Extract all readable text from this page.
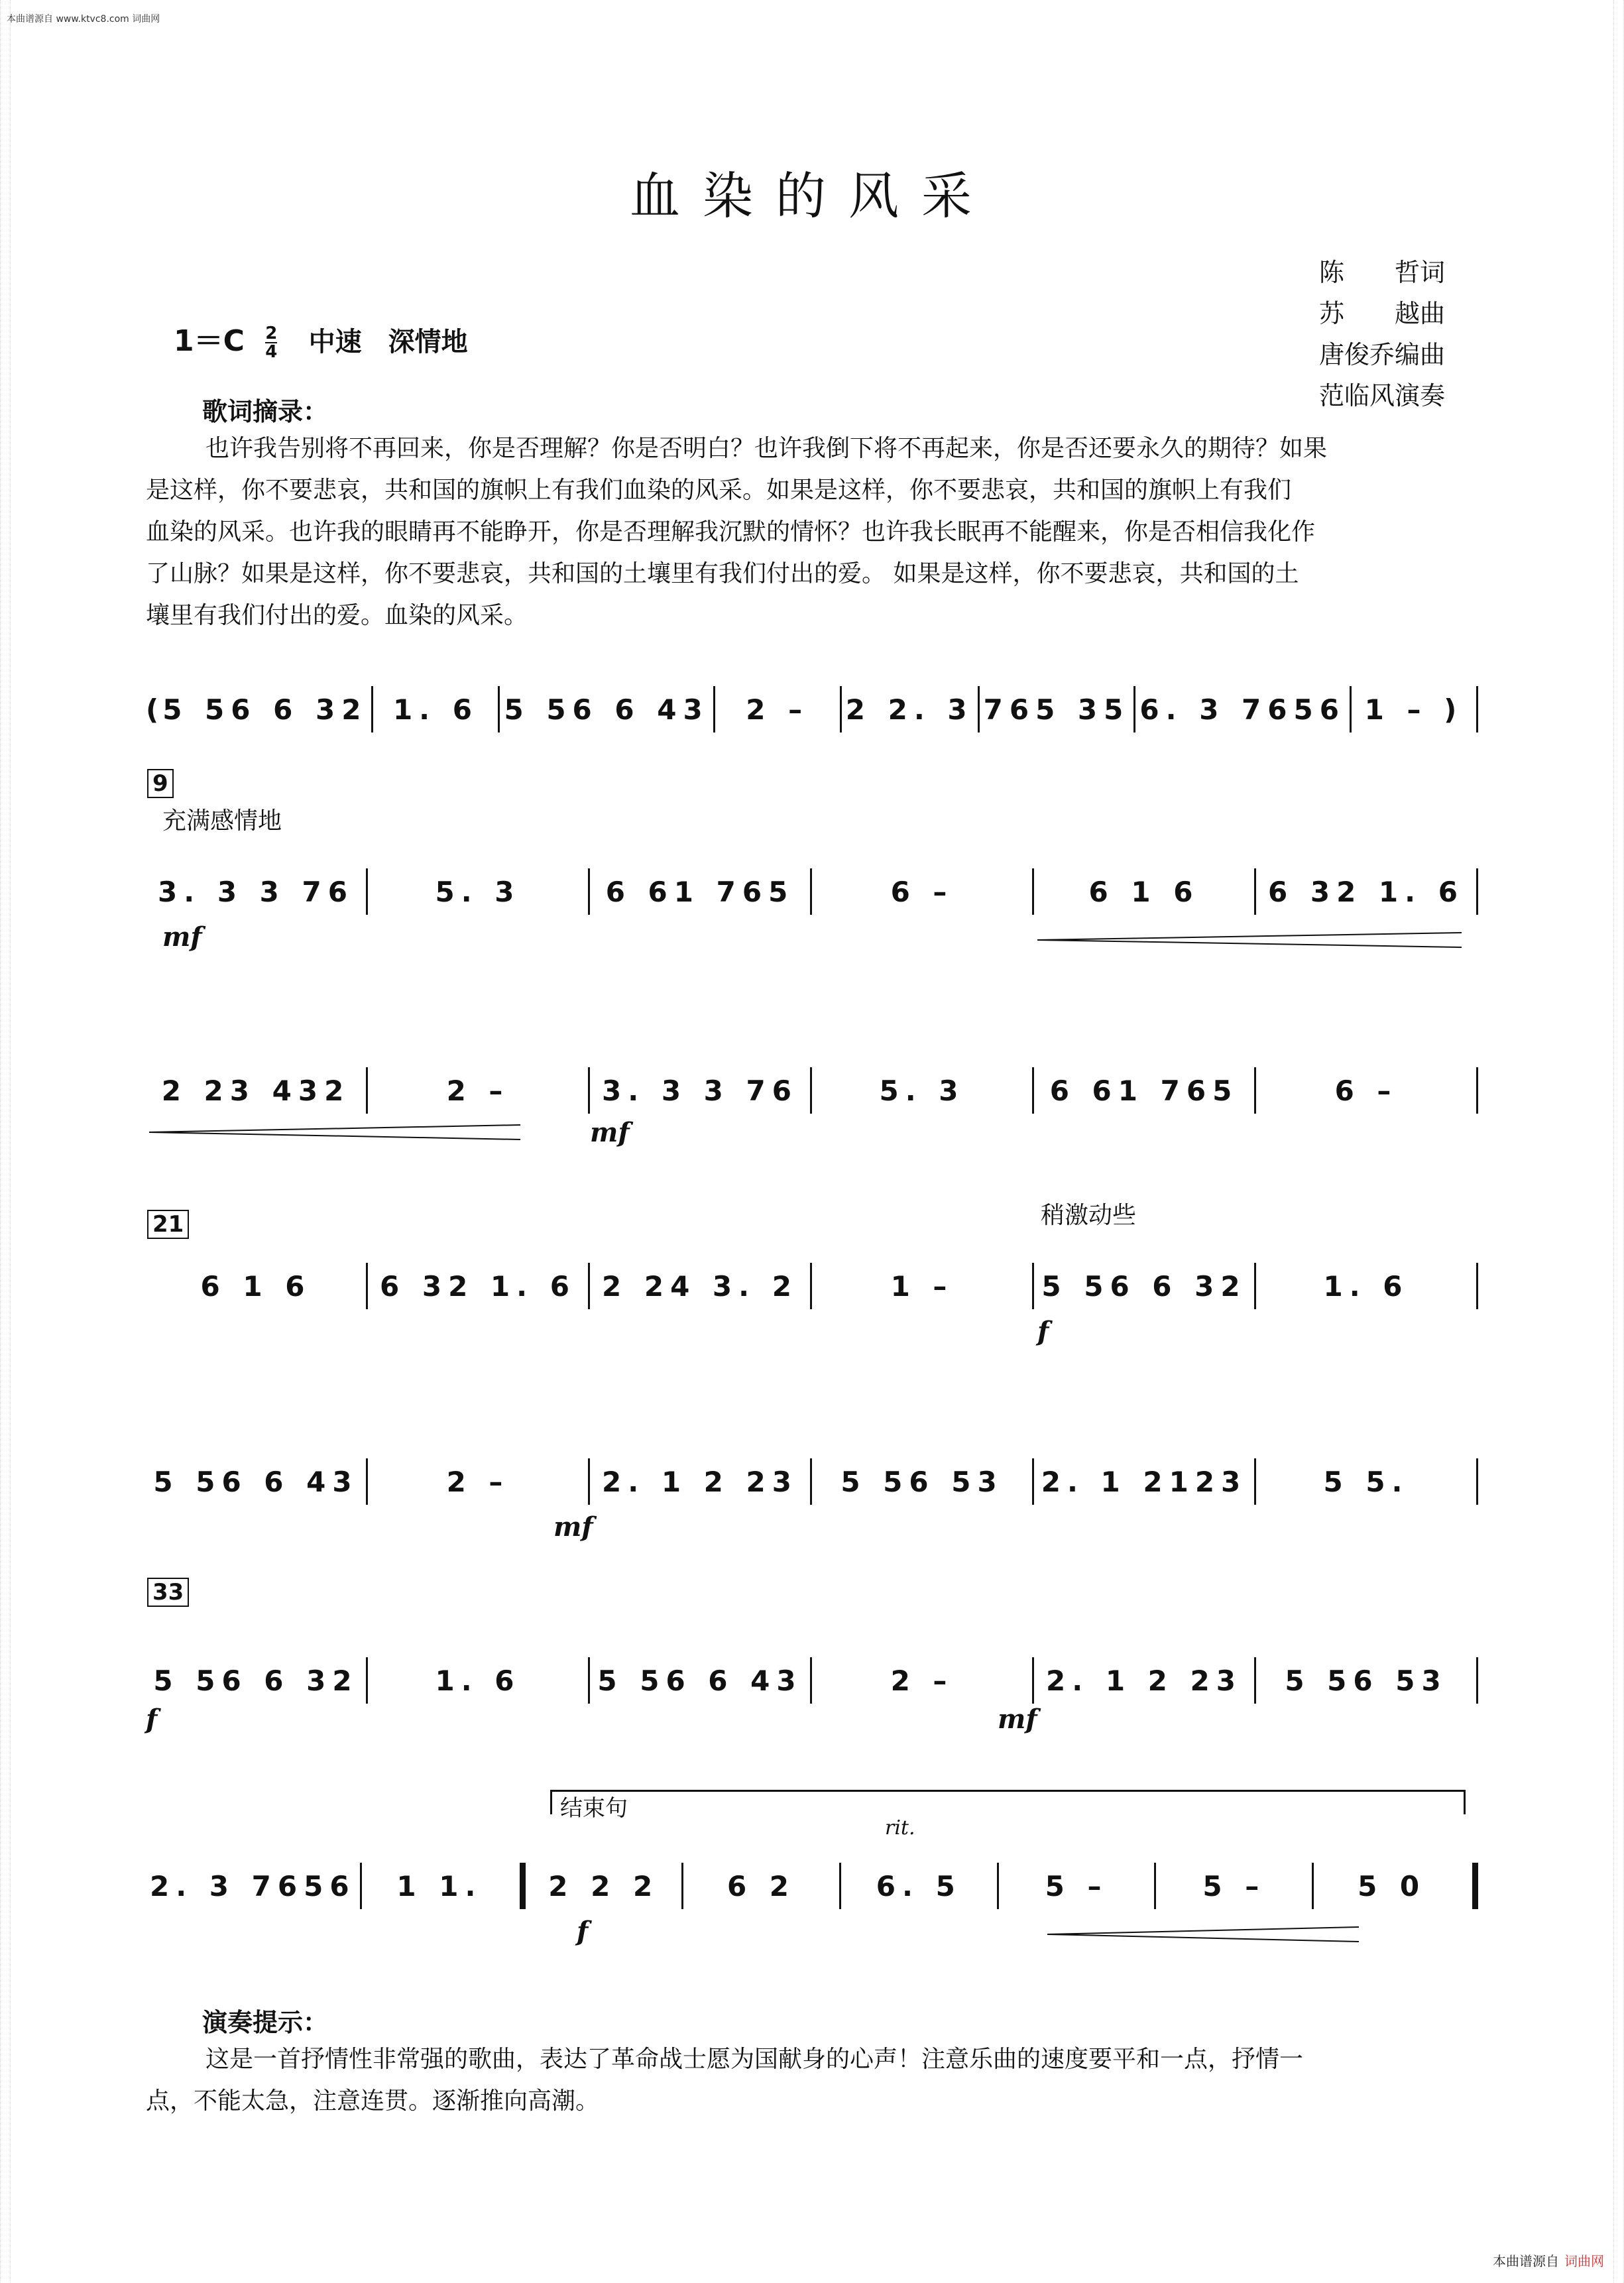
本曲谱源自 www.ktvc8.com 词曲网
血染的风采
陈　　哲词
苏　　越曲
唐俊乔编曲
范临风演奏
$1=C \frac{2}{4}$ 中速　深情地
歌词摘录：
也许我告别将不再回来，你是否理解？你是否明白？也许我倒下将不再起来，你是否还要永久的期待？如果
是这样，你不要悲哀，共和国的旗帜上有我们血染的风采。如果是这样，你不要悲哀，共和国的旗帜上有我们
血染的风采。也许我的眼睛再不能睁开，你是否理解我沉默的情怀？也许我长眠再不能醒来，你是否相信我化作
了山脉？如果是这样，你不要悲哀，共和国的土壤里有我们付出的爱。 如果是这样，你不要悲哀，共和国的土
壤里有我们付出的爱。血染的风采。
( 5 56 6 32 1. 6 5 56 6 43	2 –	2 2. 3 765 35 6. 3 7656 1 – )
9
充满感情地
3. 3 3 76	5. 3	6 61 765	6 –	6 1 6	6 32 1. 6
mf
2 23 432	2 –	3. 3 3 76	5. 3	6 61 765	6 –
mf
21	稍激动些
6 1 6	6 32 1. 6 2 24 3. 2	1 –	5 56 6 32	1. 6
f
5 56 6 43	2 –	2. 1 2 23	5 56 53	2. 1 2123	5 5.
mf
33
5 56 6 32	1. 6	5 56 6 43	2 –	2. 1 2 23	5 56 53
f	mf
结束句
rit.
2. 3 7656	1 1.	2 2 2	6 2	6. 5	5 –	5 –	5 0
f
演奏提示：
这是一首抒情性非常强的歌曲，表达了革命战士愿为国献身的心声！注意乐曲的速度要平和一点，抒情一
点，不能太急，注意连贯。逐渐推向高潮。
本曲谱源自 词曲网
